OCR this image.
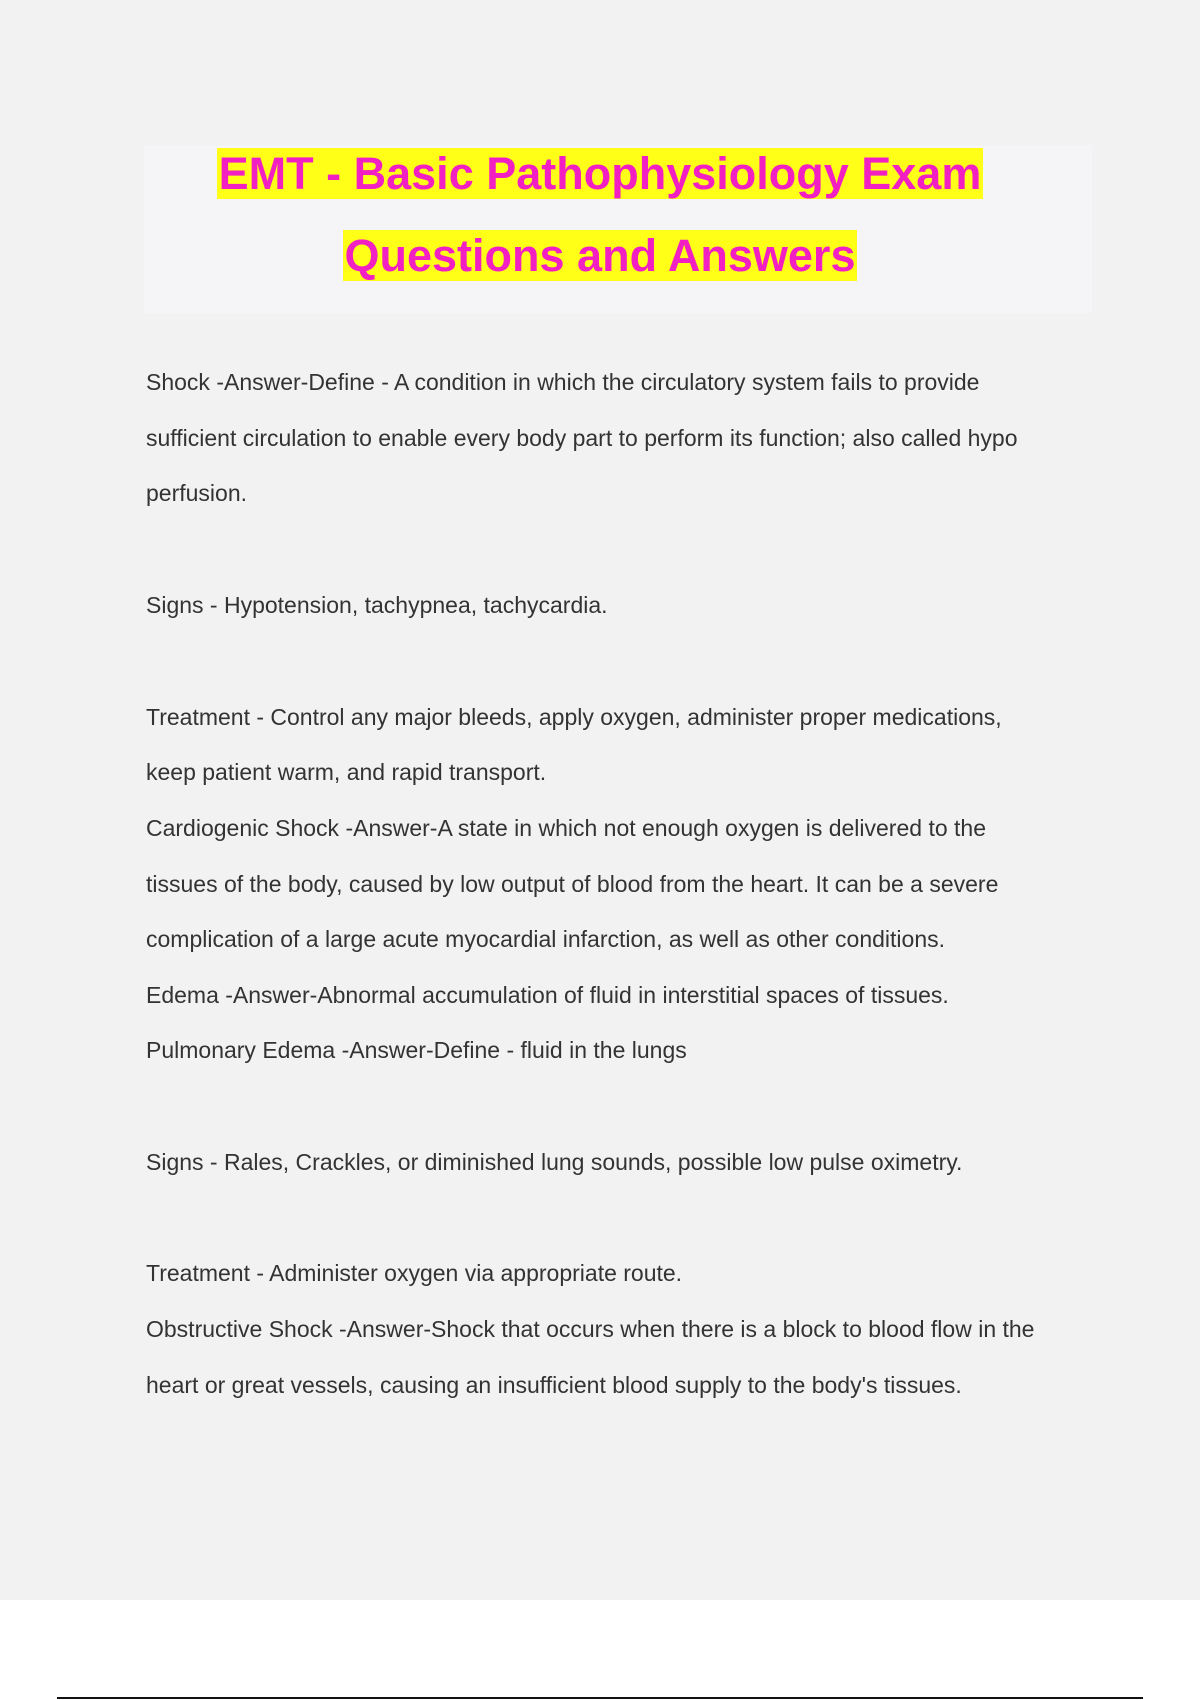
EMT - Basic Pathophysiology Exam
Questions and Answers
Shock -Answer-Define - A condition in which the circulatory system fails to provide
sufficient circulation to enable every body part to perform its function; also called hypo
perfusion.
Signs - Hypotension, tachypnea, tachycardia.
Treatment - Control any major bleeds, apply oxygen, administer proper medications,
keep patient warm, and rapid transport.
Cardiogenic Shock -Answer-A state in which not enough oxygen is delivered to the
tissues of the body, caused by low output of blood from the heart. It can be a severe
complication of a large acute myocardial infarction, as well as other conditions.
Edema -Answer-Abnormal accumulation of fluid in interstitial spaces of tissues.
Pulmonary Edema -Answer-Define - fluid in the lungs
Signs - Rales, Crackles, or diminished lung sounds, possible low pulse oximetry.
Treatment - Administer oxygen via appropriate route.
Obstructive Shock -Answer-Shock that occurs when there is a block to blood flow in the
heart or great vessels, causing an insufficient blood supply to the body's tissues.
